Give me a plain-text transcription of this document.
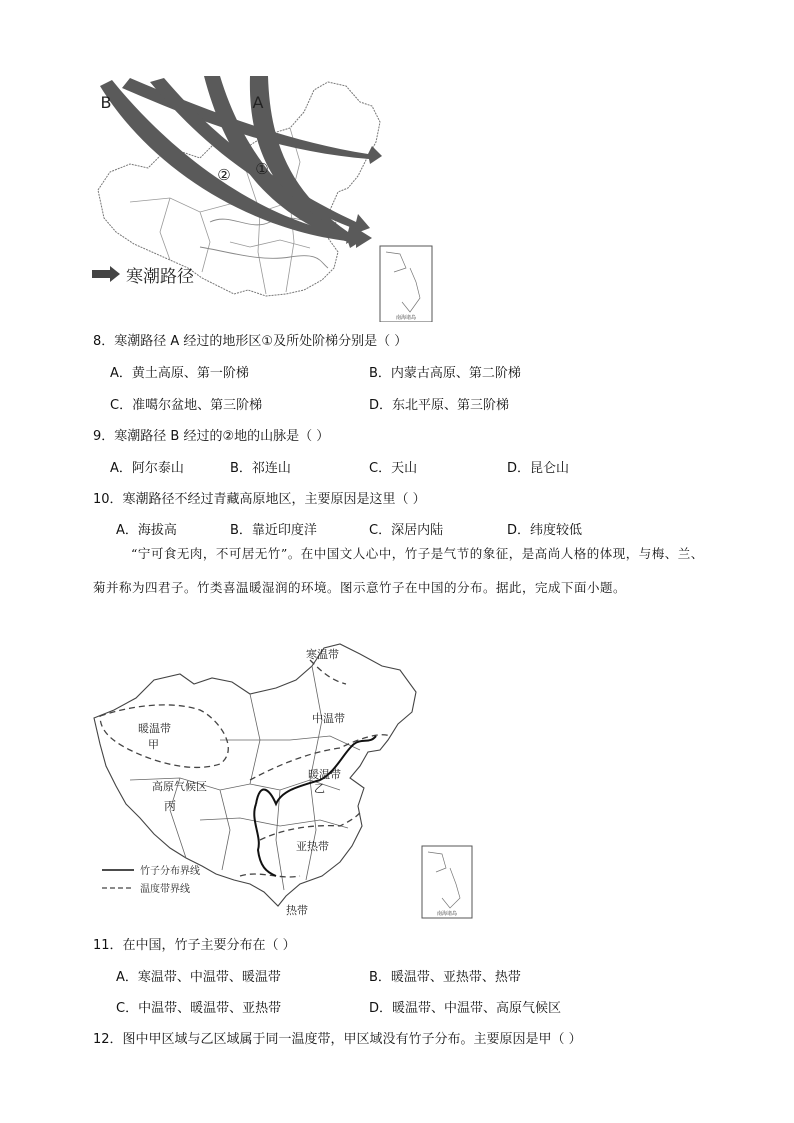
A
B
①
②
寒潮路径
南海诸岛
8．寒潮路径 A 经过的地形区①及所处阶梯分别是（ ）
A．黄土高原、第一阶梯	B．内蒙古高原、第二阶梯
C．准噶尔盆地、第三阶梯	D．东北平原、第三阶梯
9．寒潮路径 B 经过的②地的山脉是（ ）
A．阿尔泰山	B．祁连山	C．天山	D．昆仑山
10．寒潮路径不经过青藏高原地区，主要原因是这里（ ）
A．海拔高	B．靠近印度洋	C．深居内陆	D．纬度较低
“宁可食无肉，不可居无竹”。在中国文人心中，竹子是气节的象征，是高尚人格的体现，与梅、兰、菊并称为四君子。竹类喜温暖湿润的环境。图示意竹子在中国的分布。据此，完成下面小题。
寒温带
中温带
暖温带
甲
暖温带
乙
高原气候区
丙
亚热带
热带
竹子分布界线
温度带界线
南海诸岛
11．在中国，竹子主要分布在（ ）
A．寒温带、中温带、暖温带	B．暖温带、亚热带、热带
C．中温带、暖温带、亚热带	D．暖温带、中温带、高原气候区
12．图中甲区域与乙区域属于同一温度带，甲区域没有竹子分布。主要原因是甲（ ）
